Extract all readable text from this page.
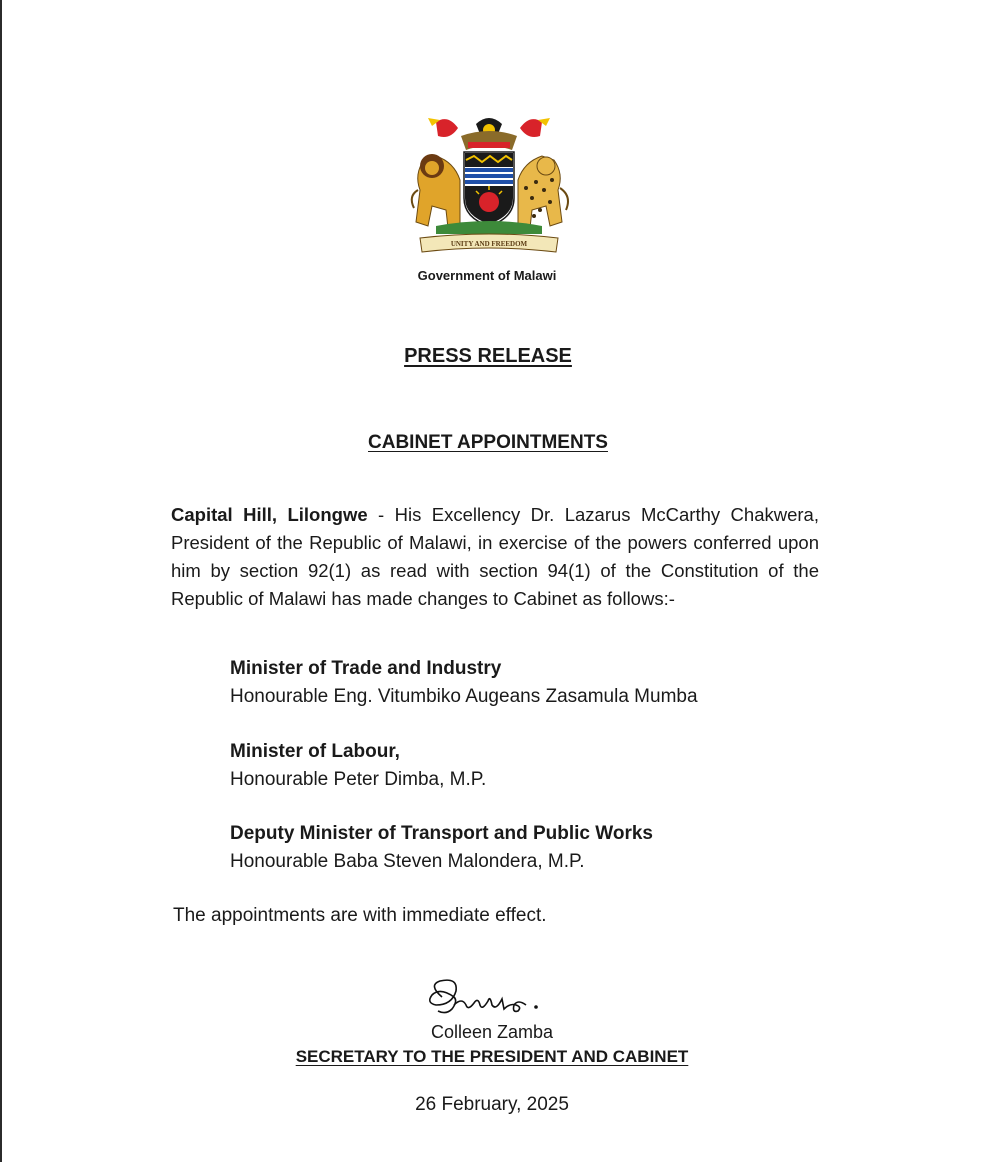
UNITY AND FREEDOM
Government of Malawi
PRESS RELEASE
CABINET APPOINTMENTS

Capital Hill, Lilongwe - His Excellency Dr. Lazarus McCarthy Chakwera, President of the Republic of Malawi, in exercise of the powers conferred upon him by section 92(1) as read with section 94(1) of the Constitution of the Republic of Malawi has made changes to Cabinet as follows:-

Minister of Trade and Industry
Honourable Eng. Vitumbiko Augeans Zasamula Mumba
Minister of Labour,
Honourable Peter Dimba, M.P.
Deputy Minister of Transport and Public Works
Honourable Baba Steven Malondera, M.P.
The appointments are with immediate effect.
Colleen Zamba
SECRETARY TO THE PRESIDENT AND CABINET
26 February, 2025
